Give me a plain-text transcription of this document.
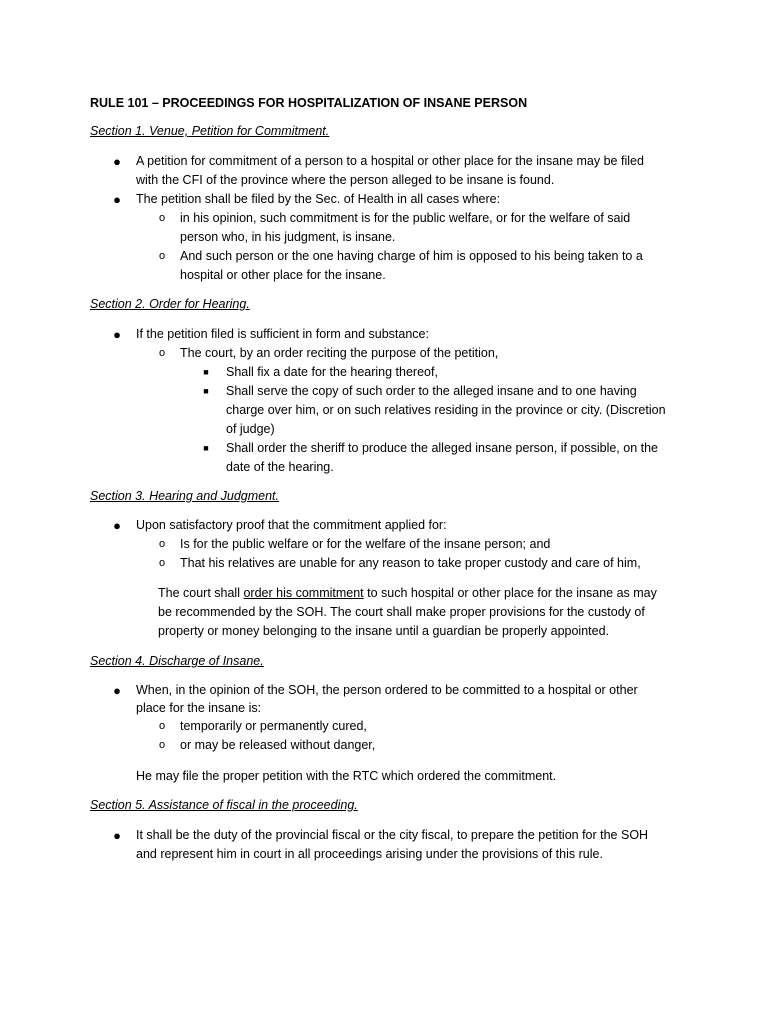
RULE 101 – PROCEEDINGS FOR HOSPITALIZATION OF INSANE PERSON
Section 1. Venue, Petition for Commitment.
● A petition for commitment of a person to a hospital or other place for the insane may be filed
with the CFI of the province where the person alleged to be insane is found.
● The petition shall be filed by the Sec. of Health in all cases where:
o in his opinion, such commitment is for the public welfare, or for the welfare of said
person who, in his judgment, is insane.
o And such person or the one having charge of him is opposed to his being taken to a
hospital or other place for the insane.
Section 2. Order for Hearing.
● If the petition filed is sufficient in form and substance:
o The court, by an order reciting the purpose of the petition,
■ Shall fix a date for the hearing thereof,
■ Shall serve the copy of such order to the alleged insane and to one having
charge over him, or on such relatives residing in the province or city. (Discretion
of judge)
■ Shall order the sheriff to produce the alleged insane person, if possible, on the
date of the hearing.
Section 3. Hearing and Judgment.
● Upon satisfactory proof that the commitment applied for:
o Is for the public welfare or for the welfare of the insane person; and
o That his relatives are unable for any reason to take proper custody and care of him,
The court shall order his commitment to such hospital or other place for the insane as may
be recommended by the SOH. The court shall make proper provisions for the custody of
property or money belonging to the insane until a guardian be properly appointed.
Section 4. Discharge of Insane.
● When, in the opinion of the SOH, the person ordered to be committed to a hospital or other
place for the insane is:
o temporarily or permanently cured,
o or may be released without danger,
He may file the proper petition with the RTC which ordered the commitment.
Section 5. Assistance of fiscal in the proceeding.
● It shall be the duty of the provincial fiscal or the city fiscal, to prepare the petition for the SOH
and represent him in court in all proceedings arising under the provisions of this rule.
